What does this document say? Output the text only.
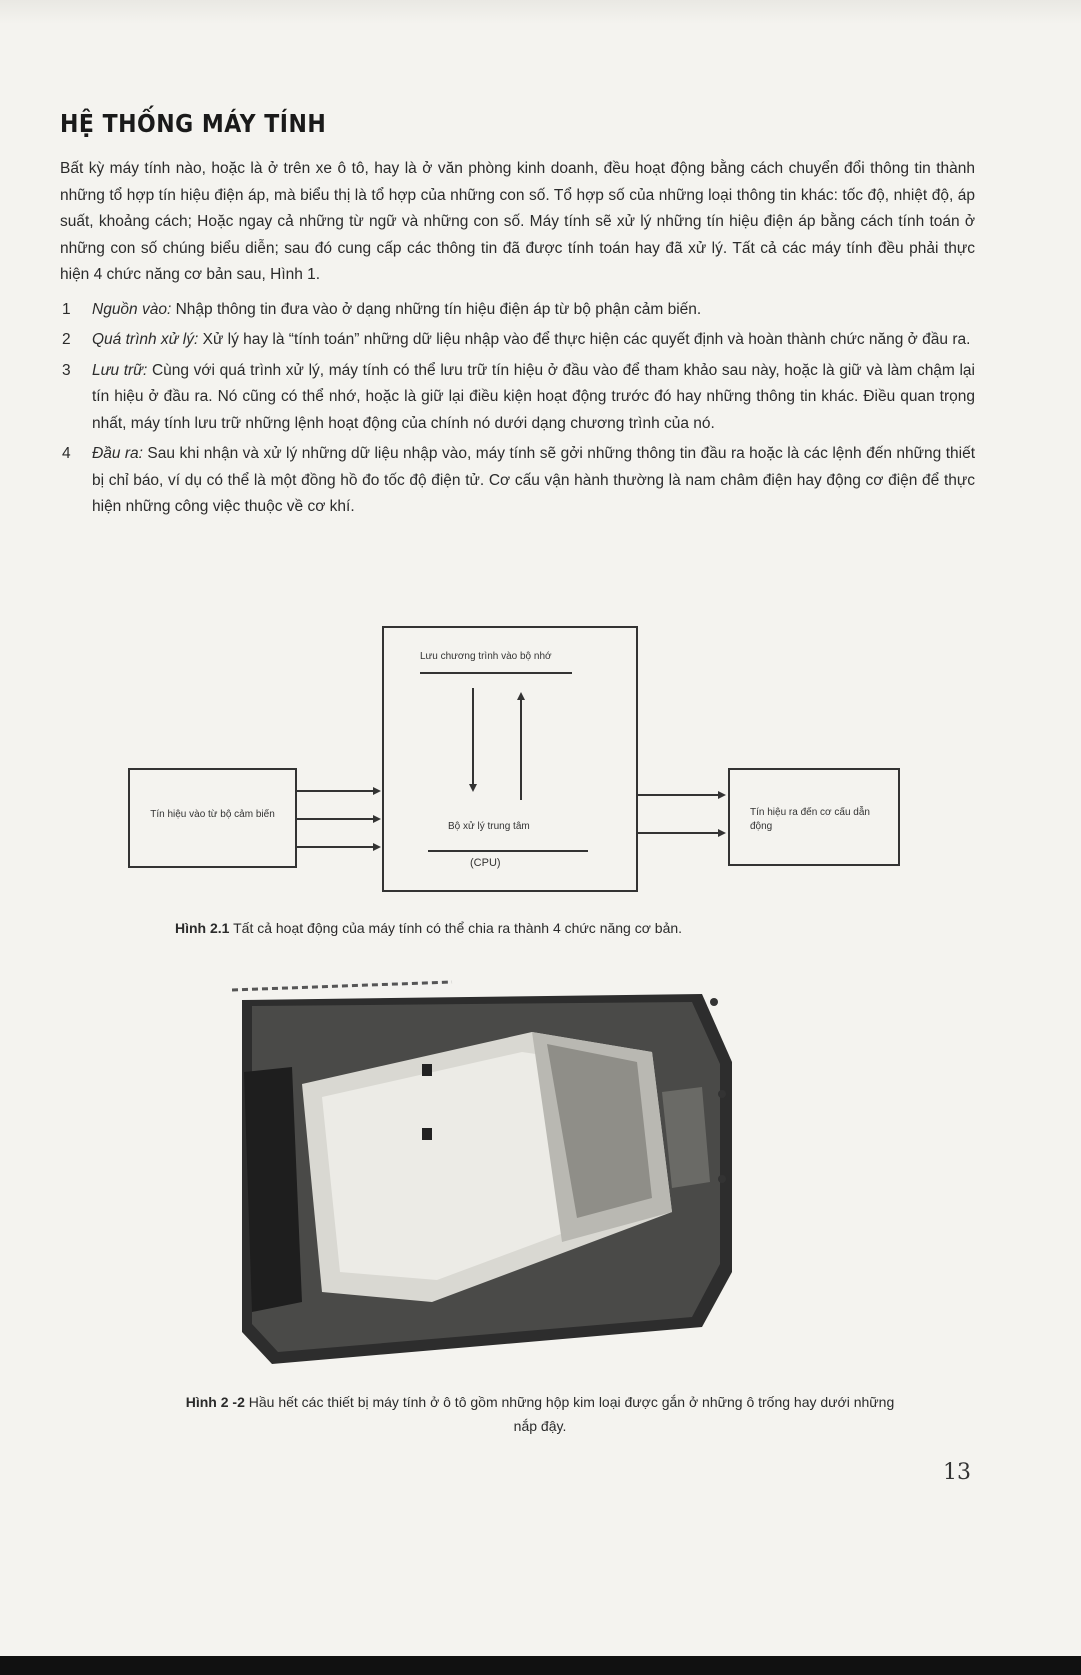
HỆ THỐNG MÁY TÍNH

Bất kỳ máy tính nào, hoặc là ở trên xe ô tô, hay là ở văn phòng kinh doanh, đều hoạt động bằng cách chuyển đổi thông tin thành những tổ hợp tín hiệu điện áp, mà biểu thị là tổ hợp của những con số. Tổ hợp số của những loại thông tin khác: tốc độ, nhiệt độ, áp suất, khoảng cách; Hoặc ngay cả những từ ngữ và những con số. Máy tính sẽ xử lý những tín hiệu điện áp bằng cách tính toán ở những con số chúng biểu diễn; sau đó cung cấp các thông tin đã được tính toán hay đã xử lý. Tất cả các máy tính đều phải thực hiện 4 chức năng cơ bản sau, Hình 1.

1 Nguồn vào: Nhập thông tin đưa vào ở dạng những tín hiệu điện áp từ bộ phận cảm biến.
2 Quá trình xử lý: Xử lý hay là “tính toán” những dữ liệu nhập vào để thực hiện các quyết định và hoàn thành chức năng ở đầu ra.
3 Lưu trữ: Cùng với quá trình xử lý, máy tính có thể lưu trữ tín hiệu ở đầu vào để tham khảo sau này, hoặc là giữ và làm chậm lại tín hiệu ở đầu ra. Nó cũng có thể nhớ, hoặc là giữ lại điều kiện hoạt động trước đó hay những thông tin khác. Điều quan trọng nhất, máy tính lưu trữ những lệnh hoạt động của chính nó dưới dạng chương trình của nó.
4 Đầu ra: Sau khi nhận và xử lý những dữ liệu nhập vào, máy tính sẽ gởi những thông tin đầu ra hoặc là các lệnh đến những thiết bị chỉ báo, ví dụ có thể là một đồng hồ đo tốc độ điện tử. Cơ cấu vận hành thường là nam châm điện hay động cơ điện để thực hiện những công việc thuộc về cơ khí.
Tín hiệu vào từ bộ cảm biến
Lưu chương trình vào bộ nhớ
Bộ xử lý trung tâm
(CPU)
Tín hiệu ra đến cơ cấu dẫn động
Hình 2.1 Tất cả hoạt động của máy tính có thể chia ra thành 4 chức năng cơ bản.
Hình 2 -2 Hầu hết các thiết bị máy tính ở ô tô gồm những hộp kim loại được gắn ở những ô trống hay dưới những nắp đậy.
13
